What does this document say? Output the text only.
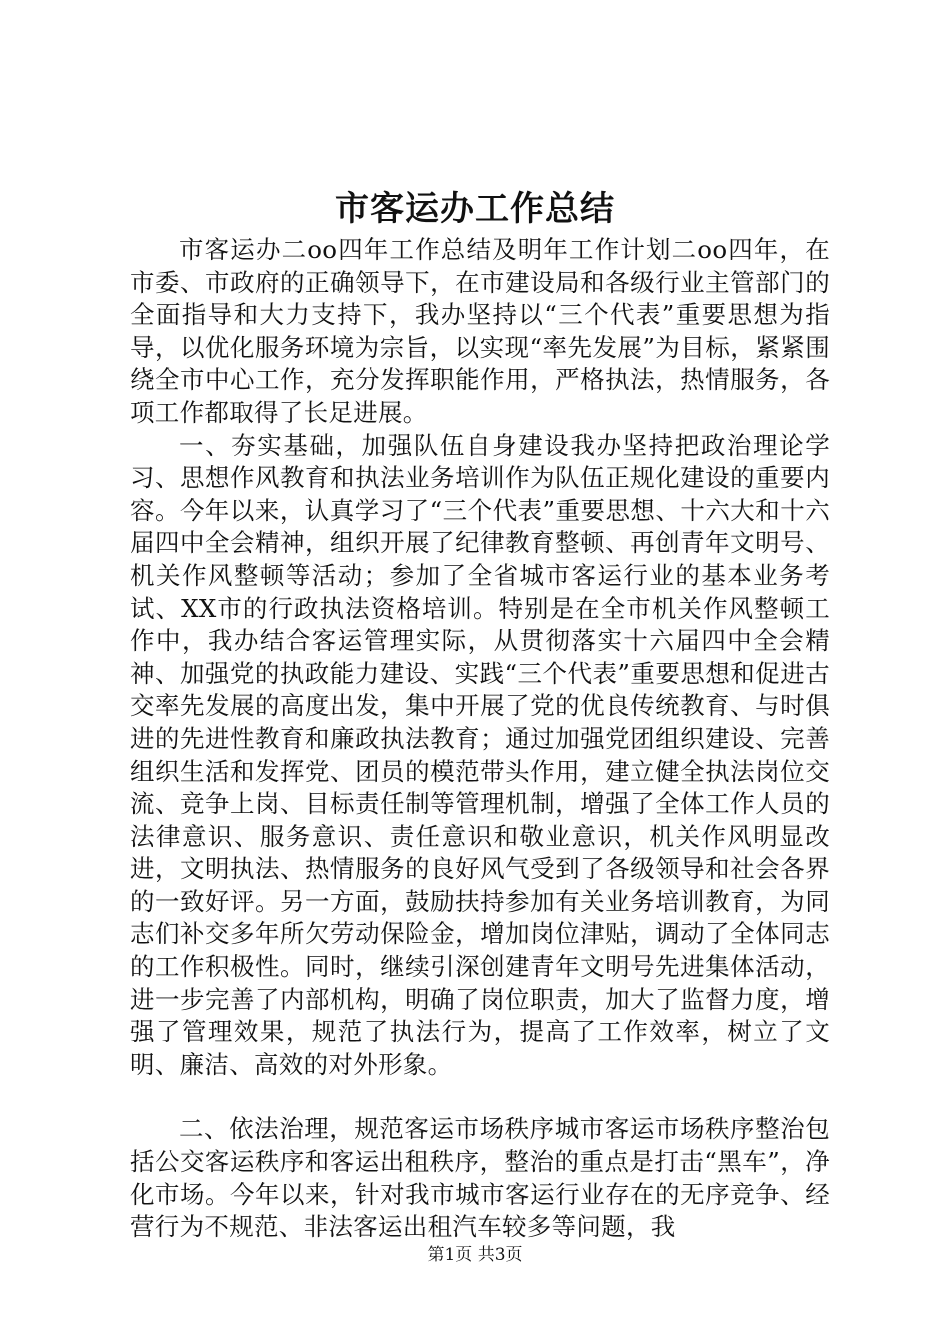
市客运办工作总结

市客运办二oo四年工作总结及明年工作计划二oo四年，在市委、市政府的正确领导下，在市建设局和各级行业主管部门的全面指导和大力支持下，我办坚持以“三个代表”重要思想为指导，以优化服务环境为宗旨，以实现“率先发展”为目标，紧紧围绕全市中心工作，充分发挥职能作用，严格执法，热情服务，各项工作都取得了长足进展。

一、夯实基础，加强队伍自身建设我办坚持把政治理论学习、思想作风教育和执法业务培训作为队伍正规化建设的重要内容。今年以来，认真学习了“三个代表”重要思想、十六大和十六届四中全会精神，组织开展了纪律教育整顿、再创青年文明号、机关作风整顿等活动；参加了全省城市客运行业的基本业务考试、XX市的行政执法资格培训。特别是在全市机关作风整顿工作中，我办结合客运管理实际，从贯彻落实十六届四中全会精神、加强党的执政能力建设、实践“三个代表”重要思想和促进古交率先发展的高度出发，集中开展了党的优良传统教育、与时俱进的先进性教育和廉政执法教育；通过加强党团组织建设、完善组织生活和发挥党、团员的模范带头作用，建立健全执法岗位交流、竞争上岗、目标责任制等管理机制，增强了全体工作人员的法律意识、服务意识、责任意识和敬业意识，机关作风明显改进，文明执法、热情服务的良好风气受到了各级领导和社会各界的一致好评。另一方面，鼓励扶持参加有关业务培训教育，为同志们补交多年所欠劳动保险金，增加岗位津贴，调动了全体同志的工作积极性。同时，继续引深创建青年文明号先进集体活动，进一步完善了内部机构，明确了岗位职责，加大了监督力度，增强了管理效果，规范了执法行为，提高了工作效率，树立了文明、廉洁、高效的对外形象。

二、依法治理，规范客运市场秩序城市客运市场秩序整治包括公交客运秩序和客运出租秩序，整治的重点是打击“黑车”，净化市场。今年以来，针对我市城市客运行业存在的无序竞争、经营行为不规范、非法客运出租汽车较多等问题，我

第1页 共3页
